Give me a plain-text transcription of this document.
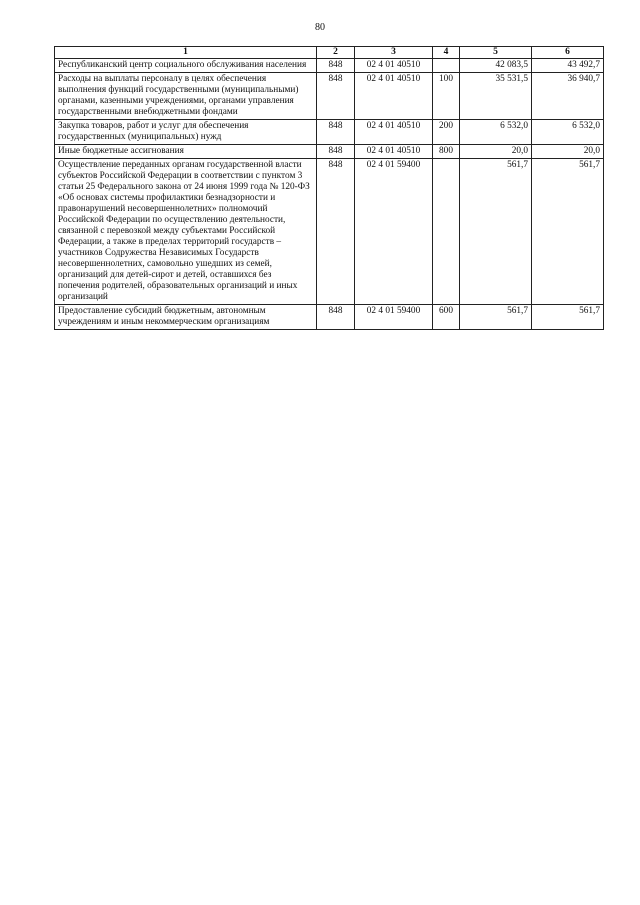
80
1	2	3	4	5	6
Республиканский центр социального обслуживания населения	848	02 4 01 40510		42 083,5	43 492,7
Расходы на выплаты персоналу в целях обеспечения выполнения функций государственными (муниципальными) органами, казенными учреждениями, органами управления государственными внебюджетными фондами	848	02 4 01 40510	100	35 531,5	36 940,7
Закупка товаров, работ и услуг для обеспечения государственных (муниципальных) нужд	848	02 4 01 40510	200	6 532,0	6 532,0
Иные бюджетные ассигнования	848	02 4 01 40510	800	20,0	20,0
Осуществление переданных органам государственной власти субъектов Российской Федерации в соответствии с пунктом 3 статьи 25 Федерального закона от 24 июня 1999 года № 120-ФЗ «Об основах системы профилактики безнадзорности и правонарушений несовершеннолетних» полномочий Российской Федерации по осуществлению деятельности, связанной с перевозкой между субъектами Российской Федерации, а также в пределах территорий государств – участников Содружества Независимых Государств несовершеннолетних, самовольно ушедших из семей, организаций для детей-сирот и детей, оставшихся без попечения родителей, образовательных организаций и иных организаций	848	02 4 01 59400		561,7	561,7
Предоставление субсидий бюджетным, автономным учреждениям и иным некоммерческим организациям	848	02 4 01 59400	600	561,7	561,7
